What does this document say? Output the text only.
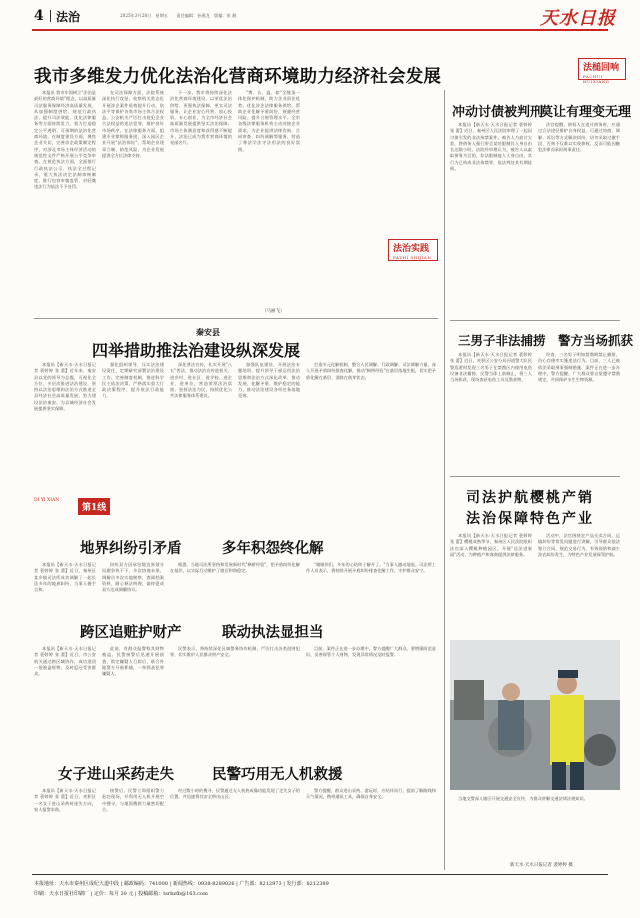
4 法治	2025年3月28日　星期五　　责任编辑：孙燕龙　版编：张 靓	天水日报
我市多维发力优化法治化营商环境助力经济社会发展

本报讯 我市牢固树立"法治是最好的营商环境"理念，以高质量司法服务保障经济高质量发展，从加强制度供给、规范行政执法、提升司法效能、优化法律服务等方面持续发力，着力打造稳定公平透明、可预期的法治化营商环境。在制度建设方面，聚焦企业关切，完善涉企政策制定程序，对涉及市场主体经济活动的规范性文件严格开展公平竞争审查。在规范执法方面，全面推行行政执法公示、执法全过程记录、重大执法决定法制审核制度，推行包容审慎监管，对轻微违法行为依法不予处罚。

在司法保障方面，法院系统深化执行攻坚，检察机关常态化开展涉企案件质效提升行动，依法平等保护各类市场主体合法权益。公安机关严厉打击侵犯企业合法权益的违法犯罪，维护良好市场秩序。在法律服务方面，组建专业律师服务团，深入园区企业开展"法治体检"，帮助企业建章立制、防范风险，为企业发展提供全方位法律支持。

下一步，我市将持续深化法治化营商环境建设，以更优法治供给、更强执法保障、更实司法服务，让企业安心经营、放心投资、专心创业，为全市经济社会高质量发展提供坚实法治保障。市场主体满意度和获得感不断提升，法治已成为我市营商环境的亮丽名片。

"博、认、温、如"全链条一体化保护机制，助力企业留住优势。优化涉企法律服务供给，帮助企业化解矛盾纠纷、规避经营风险、提升合规管理水平。全市各级法律服务机构主动对接企业需求，为企业提供法律咨询、合同审查、纠纷调解等服务，营造了尊法学法守法用法的良好氛围。

（马丽飞）
法槌回响
FACHUI HUIXIANG
冲动讨债被判刑
莫让有理变无理

本报讯【新天水·天水日报记者 裴婷婷 张 蕾】近日，秦州区人民法院审理了一起因讨债引发的非法拘禁案件。被告人为追讨欠款，将债务人强行带至某处限制其人身自由长达数小时。法院经审理认为，被告人以索取债务为目的，非法限制他人人身自由，其行为已构成非法拘禁罪，依法判处其有期徒刑。

法官提醒，债权人在追讨债务时，应通过合法途径维护自身权益，可通过协商、调解、诉讼等方式解决纠纷，切勿采取过激手段，否则不仅难以实现债权，反而可能因触犯法律而承担刑事责任。

法治实践
FAZHI SHIJIAN
秦安县
四举措助推法治建设纵深发展

本报讯【新天水·天水日报记者 裴婷婷 张 蕾】近年来，秦安县以党的领导为总揽，可视化全方位、多层次推进法治建设，坚持以法治思维和法治方式推进全县经济社会高质量发展，努力建设法治秦安，为县域经济社会发展提供坚实保障。

强化组织领导，压实法治建设责任，定期研究部署法治建设工作。完善制度机制，推进科学民主依法决策，严格落实重大行政决策程序，提升依法行政能力。

深化普法宣传，扎实开展"八五"普法，推动法治宣传进机关、进乡村、进社区、进学校、进企业、进单位，营造浓厚法治氛围。坚持法治为民，持续优化公共法律服务体系建设。

加强队伍建设，开展法治专题培训，提升领导干部运用法治思维和法治方式深化改革、推动发展、化解矛盾、维护稳定的能力，推动法治建设各项任务落地见效。

打造多元化解机制，整合人民调解、行政调解、司法调解力量，深入开展矛盾纠纷排查化解，推动"枫桥经验"在基层落地生根，切实把矛盾化解在基层、消除在萌芽状态。

DI YI XIAN
第1线
地界纠纷引矛盾	多年积怨终化解

本报讯【新天水·天水日报记者 裴婷婷 张 蕾】近日，秦州区某乡镇司法所成功调解了一起长达多年的地界纠纷，当事人握手言和。

纠纷双方因承包地边界划分问题争执不下，多次协商未果。调解员多次实地勘察，查阅档案资料，耐心释法明理，最终促成双方达成调解协议。

据悉，当地司法所坚持和发展新时代"枫桥经验"，把矛盾纠纷化解在基层，以实际行动维护了辖区和谐稳定。

"谢谢你们，多年的心结终于解开了。"当事人激动地说。司法所工作人员表示，将持续开展矛盾纠纷排查化解工作，守护群众安宁。

跨区追赃护财产	联动执法显担当

本报讯【新天水·天水日报记者 裴婷婷 张 蕾】近日，市公安机关通过跨区域协作，成功追回一批被盗财物，及时返还受害群众。

此前，有群众报警称其财物被盗。民警接警后迅速开展侦查，锁定嫌疑人行踪后，联合外地警方开展抓捕，一举抓获犯罪嫌疑人。

民警表示，将持续深化区域警务协作机制，严厉打击各类侵财犯罪，切实维护人民群众财产安全。

目前，案件正在进一步办理中。警方提醒广大群众，要增强防范意识，妥善保管个人财物，发现异常情况及时报警。

女子进山采药走失	民警巧用无人机救援

本报讯【新天水·天水日报记者 裴婷婷 张 蕾】近日，麦积区一名女子进山采药时迷失方向，家人报警求助。

接警后，民警立即组织警力赶赴现场，并利用无人机开展空中搜寻，与地面搜救力量密切配合。

经过数小时的搜寻，民警通过无人机热成像功能发现了走失女子的位置，并迅速将其安全带出山区。

警方提醒，群众进山采药、游玩时，应结伴而行，提前了解路线和天气情况，携带通讯工具，确保自身安全。

三男子非法捕捞　警方当场抓获

本报讯【新天水·天水日报记者 裴婷婷 张 蕾】近日，麦积区公安分局河道警大队民警巡逻时发现三名男子在禁渔区内使用电鱼设备非法捕捞，民警当即上前制止，将三人当场抓获，现场查获电鱼工具及渔获物。

经查，三名男子明知禁渔期禁止捕捞，仍心存侥幸实施违法行为。目前，三人已被依法采取刑事强制措施，案件正在进一步办理中。警方提醒，广大群众要自觉遵守禁渔规定，共同保护水生生物资源。

司法护航樱桃产销
法治保障特色产业

本报讯【新天水·天水日报记者 裴婷婷 张 蕾】樱桃成熟季节，秦州区人民法院组织法官深入樱桃种植园区，开展"送法进果园"活动，为种植户和客商提供法律服务。

活动中，法官围绕农产品买卖合同、运输纠纷等常见问题进行讲解，引导群众依法签订合同、规范交易行为，有效预防和减少涉农纠纷发生，为特色产业发展保驾护航。

当地交警深入辖区开展交通安全宣传，为群众讲解交通法律法规知识。

新天水·天水日报记者 裴婷婷 摄
本报地址：天水市秦州区成纪大道中段 | 邮政编码：741000 | 新闻热线：0938-8289026 | 广告部：8212973 | 发行部：8212389
印刷：天水日报社印刷厂 | 定价：每月 30 元 | 投稿邮箱：tsrbzfb@163.com
